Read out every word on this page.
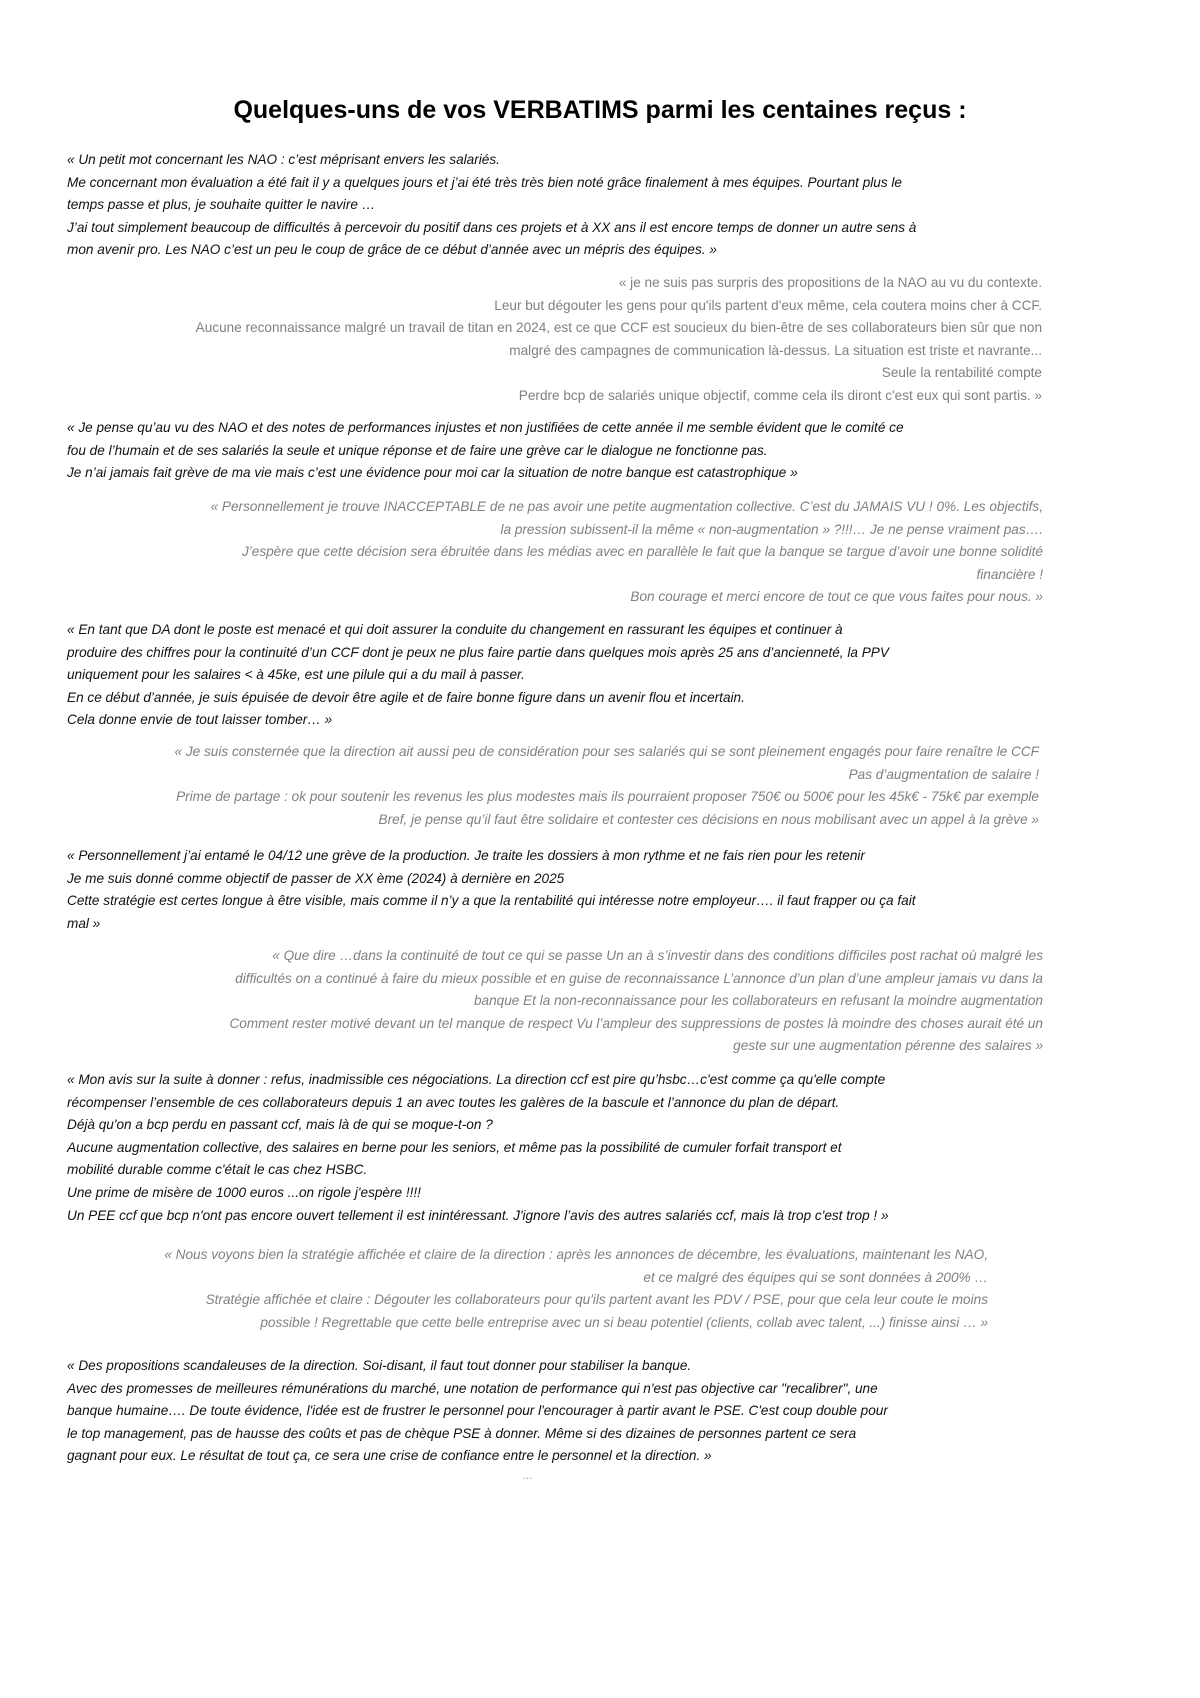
Quelques-uns de vos VERBATIMS parmi les centaines reçus :
« Un petit mot concernant les NAO : c’est méprisant envers les salariés.
Me concernant mon évaluation a été fait il y a quelques jours et j’ai été très très bien noté grâce finalement à mes équipes. Pourtant plus le
temps passe et plus, je souhaite quitter le navire …
J’ai tout simplement beaucoup de difficultés à percevoir du positif dans ces projets et à XX ans il est encore temps de donner un autre sens à
mon avenir pro. Les NAO c’est un peu le coup de grâce de ce début d’année avec un mépris des équipes. »
« je ne suis pas surpris des propositions de la NAO au vu du contexte.
Leur but dégouter les gens pour qu'ils partent d'eux même, cela coutera moins cher à CCF.
Aucune reconnaissance malgré un travail de titan en 2024, est ce que CCF est soucieux du bien-être de ses collaborateurs bien sûr que non
malgré des campagnes de communication là-dessus. La situation est triste et navrante...
Seule la rentabilité compte
Perdre bcp de salariés unique objectif, comme cela ils diront c'est eux qui sont partis. »
« Je pense qu’au vu des NAO et des notes de performances injustes et non justifiées de cette année il me semble évident que le comité ce
fou de l’humain et de ses salariés la seule et unique réponse et de faire une grève car le dialogue ne fonctionne pas.
Je n’ai jamais fait grève de ma vie mais c’est une évidence pour moi car la situation de notre banque est catastrophique »
« Personnellement je trouve INACCEPTABLE de ne pas avoir une petite augmentation collective. C’est du JAMAIS VU ! 0%. Les objectifs,
la pression subissent-il la même « non-augmentation » ?!!!… Je ne pense vraiment pas….
J’espère que cette décision sera ébruitée dans les médias avec en parallèle le fait que la banque se targue d’avoir une bonne solidité
financière !
Bon courage et merci encore de tout ce que vous faites pour nous. »
« En tant que DA dont le poste est menacé et qui doit assurer la conduite du changement en rassurant les équipes et continuer à
produire des chiffres pour la continuité d’un CCF dont je peux ne plus faire partie dans quelques mois après 25 ans d’ancienneté, la PPV
uniquement pour les salaires < à 45ke, est une pilule qui a du mail à passer.
En ce début d’année, je suis épuisée de devoir être agile et de faire bonne figure dans un avenir flou et incertain.
Cela donne envie de tout laisser tomber… »
« Je suis consternée que la direction ait aussi peu de considération pour ses salariés qui se sont pleinement engagés pour faire renaître le CCF
Pas d’augmentation de salaire !
Prime de partage : ok pour soutenir les revenus les plus modestes mais ils pourraient proposer 750€ ou 500€ pour les 45k€ - 75k€ par exemple
Bref, je pense qu’il faut être solidaire et contester ces décisions en nous mobilisant avec un appel à la grève »
« Personnellement j’ai entamé le 04/12 une grève de la production. Je traite les dossiers à mon rythme et ne fais rien pour les retenir
Je me suis donné comme objectif de passer de XX ème (2024) à dernière en 2025
Cette stratégie est certes longue à être visible, mais comme il n’y a que la rentabilité qui intéresse notre employeur…. il faut frapper ou ça fait
mal »
« Que dire …dans la continuité de tout ce qui se passe Un an à s’investir dans des conditions difficiles post rachat où malgré les
difficultés on a continué à faire du mieux possible et en guise de reconnaissance L’annonce d’un plan d’une ampleur jamais vu dans la
banque Et la non-reconnaissance pour les collaborateurs en refusant la moindre augmentation
Comment rester motivé devant un tel manque de respect Vu l’ampleur des suppressions de postes là moindre des choses aurait été un
geste sur une augmentation pérenne des salaires »
« Mon avis sur la suite à donner : refus, inadmissible ces négociations. La direction ccf est pire qu’hsbc…c'est comme ça qu'elle compte
récompenser l’ensemble de ces collaborateurs depuis 1 an avec toutes les galères de la bascule et l’annonce du plan de départ.
Déjà qu'on a bcp perdu en passant ccf, mais là de qui se moque-t-on ?
Aucune augmentation collective, des salaires en berne pour les seniors, et même pas la possibilité de cumuler forfait transport et
mobilité durable comme c'était le cas chez HSBC.
Une prime de misère de 1000 euros ...on rigole j'espère !!!!
Un PEE ccf que bcp n'ont pas encore ouvert tellement il est inintéressant. J'ignore l’avis des autres salariés ccf, mais là trop c'est trop ! »
« Nous voyons bien la stratégie affichée et claire de la direction : après les annonces de décembre, les évaluations, maintenant les NAO,
et ce malgré des équipes qui se sont données à 200% …
Stratégie affichée et claire : Dégouter les collaborateurs pour qu'ils partent avant les PDV / PSE, pour que cela leur coute le moins
possible ! Regrettable que cette belle entreprise avec un si beau potentiel (clients, collab avec talent, ...) finisse ainsi … »
« Des propositions scandaleuses de la direction. Soi-disant, il faut tout donner pour stabiliser la banque.
Avec des promesses de meilleures rémunérations du marché, une notation de performance qui n'est pas objective car "recalibrer", une
banque humaine…. De toute évidence, l'idée est de frustrer le personnel pour l'encourager à partir avant le PSE. C'est coup double pour
le top management, pas de hausse des coûts et pas de chèque PSE à donner. Même si des dizaines de personnes partent ce sera
gagnant pour eux. Le résultat de tout ça, ce sera une crise de confiance entre le personnel et la direction. »
...
